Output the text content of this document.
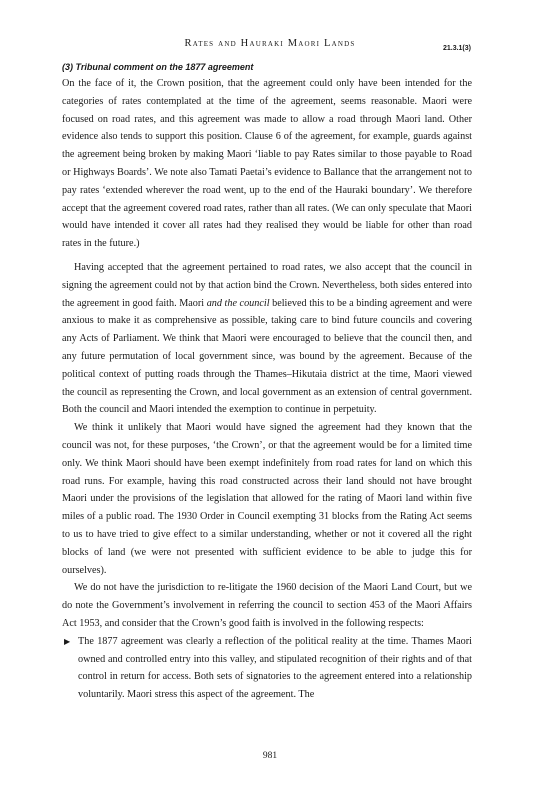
Rates and Hauraki Maori Lands	21.3.1(3)

(3) Tribunal comment on the 1877 agreement

On the face of it, the Crown position, that the agreement could only have been intended for the categories of rates contemplated at the time of the agreement, seems reasonable. Maori were focused on road rates, and this agreement was made to allow a road through Maori land. Other evidence also tends to support this position. Clause 6 of the agreement, for example, guards against the agreement being broken by making Maori ‘liable to pay Rates similar to those payable to Road or Highways Boards’. We note also Tamati Paetai’s evidence to Ballance that the arrangement not to pay rates ‘extended wherever the road went, up to the end of the Hauraki boundary’. We therefore accept that the agreement covered road rates, rather than all rates. (We can only speculate that Maori would have intended it cover all rates had they realised they would be liable for other than road rates in the future.)

Having accepted that the agreement pertained to road rates, we also accept that the council in signing the agreement could not by that action bind the Crown. Nevertheless, both sides entered into the agreement in good faith. Maori and the council believed this to be a binding agreement and were anxious to make it as comprehensive as possible, taking care to bind future councils and covering any Acts of Parliament. We think that Maori were encouraged to believe that the council then, and any future permutation of local government since, was bound by the agreement. Because of the political context of putting roads through the Thames–Hikutaia district at the time, Maori viewed the council as representing the Crown, and local government as an extension of central government. Both the council and Maori intended the exemption to continue in perpetuity.

We think it unlikely that Maori would have signed the agreement had they known that the council was not, for these purposes, ‘the Crown’, or that the agreement would be for a limited time only. We think Maori should have been exempt indefinitely from road rates for land on which this road runs. For example, having this road constructed across their land should not have brought Maori under the provisions of the legislation that allowed for the rating of Maori land within five miles of a public road. The 1930 Order in Council exempting 31 blocks from the Rating Act seems to us to have tried to give effect to a similar understanding, whether or not it covered all the right blocks of land (we were not presented with sufficient evidence to be able to judge this for ourselves).

We do not have the jurisdiction to re-litigate the 1960 decision of the Maori Land Court, but we do note the Government’s involvement in referring the council to section 453 of the Maori Affairs Act 1953, and consider that the Crown’s good faith is involved in the following respects:

▶ The 1877 agreement was clearly a reflection of the political reality at the time. Thames Maori owned and controlled entry into this valley, and stipulated recognition of their rights and of that control in return for access. Both sets of signatories to the agreement entered into a relationship voluntarily. Maori stress this aspect of the agreement. The
981
